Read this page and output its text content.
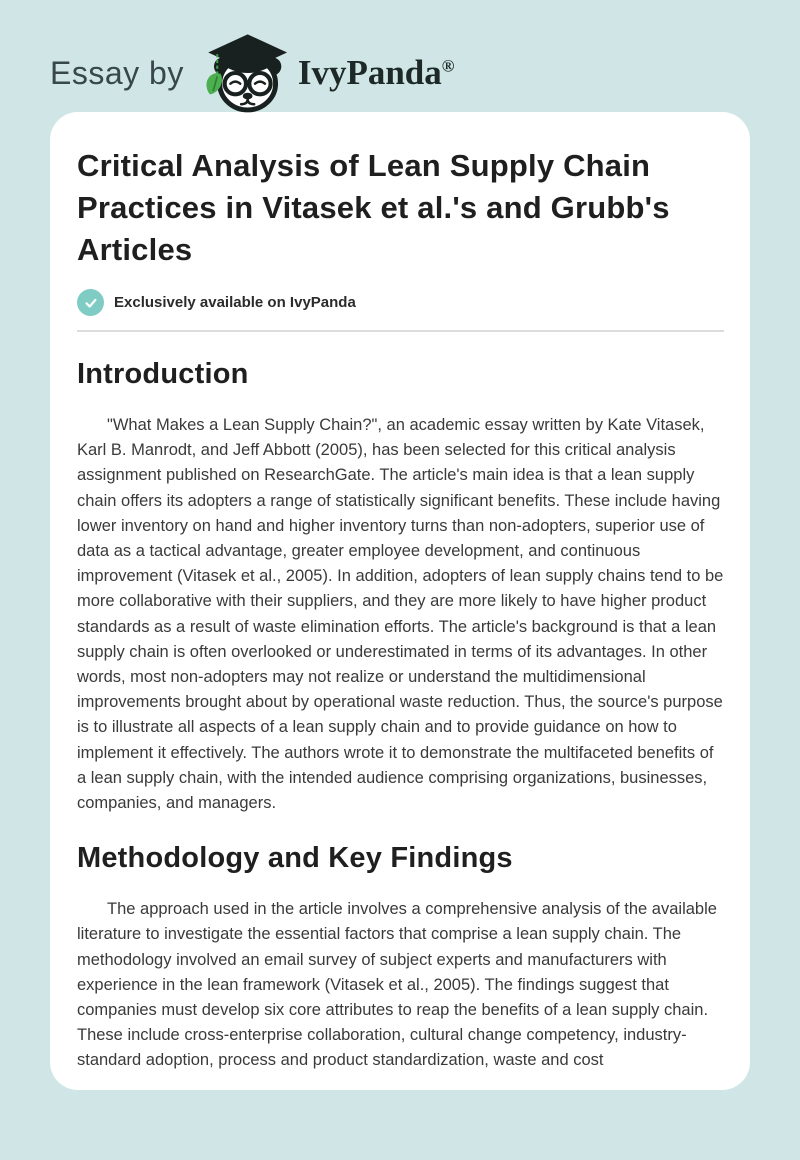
Essay by	IvyPanda®
Critical Analysis of Lean Supply Chain Practices in Vitasek et al.'s and Grubb's Articles
Exclusively available on IvyPanda
Introduction

"What Makes a Lean Supply Chain?", an academic essay written by Kate Vitasek, Karl B. Manrodt, and Jeff Abbott (2005), has been selected for this critical analysis assignment published on ResearchGate. The article's main idea is that a lean supply chain offers its adopters a range of statistically significant benefits. These include having lower inventory on hand and higher inventory turns than non-adopters, superior use of data as a tactical advantage, greater employee development, and continuous improvement (Vitasek et al., 2005). In addition, adopters of lean supply chains tend to be more collaborative with their suppliers, and they are more likely to have higher product standards as a result of waste elimination efforts. The article's background is that a lean supply chain is often overlooked or underestimated in terms of its advantages. In other words, most non-adopters may not realize or understand the multidimensional improvements brought about by operational waste reduction. Thus, the source's purpose is to illustrate all aspects of a lean supply chain and to provide guidance on how to implement it effectively. The authors wrote it to demonstrate the multifaceted benefits of a lean supply chain, with the intended audience comprising organizations, businesses, companies, and managers.

Methodology and Key Findings

The approach used in the article involves a comprehensive analysis of the available literature to investigate the essential factors that comprise a lean supply chain. The methodology involved an email survey of subject experts and manufacturers with experience in the lean framework (Vitasek et al., 2005). The findings suggest that companies must develop six core attributes to reap the benefits of a lean supply chain. These include cross-enterprise collaboration, cultural change competency, industry-standard adoption, process and product standardization, waste and cost
